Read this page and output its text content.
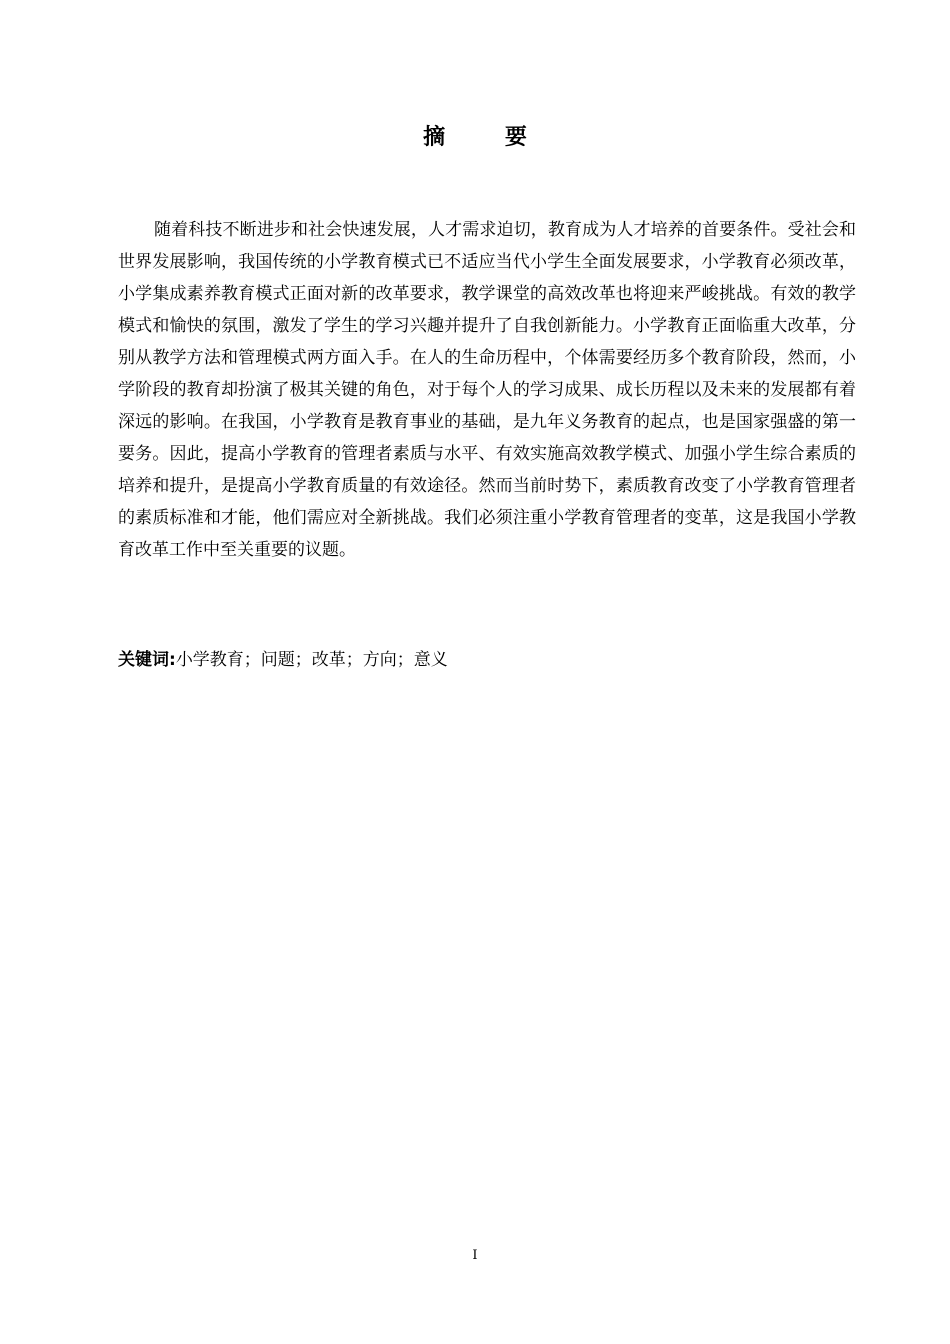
摘 要

随着科技不断进步和社会快速发展，人才需求迫切，教育成为人才培养的首要条件。受社会和世界发展影响，我国传统的小学教育模式已不适应当代小学生全面发展要求，小学教育必须改革，小学集成素养教育模式正面对新的改革要求，教学课堂的高效改革也将迎来严峻挑战。有效的教学模式和愉快的氛围，激发了学生的学习兴趣并提升了自我创新能力。小学教育正面临重大改革，分别从教学方法和管理模式两方面入手。在人的生命历程中，个体需要经历多个教育阶段，然而，小学阶段的教育却扮演了极其关键的角色，对于每个人的学习成果、成长历程以及未来的发展都有着深远的影响。在我国，小学教育是教育事业的基础，是九年义务教育的起点，也是国家强盛的第一要务。因此，提高小学教育的管理者素质与水平、有效实施高效教学模式、加强小学生综合素质的培养和提升，是提高小学教育质量的有效途径。然而当前时势下，素质教育改变了小学教育管理者的素质标准和才能，他们需应对全新挑战。我们必须注重小学教育管理者的变革，这是我国小学教育改革工作中至关重要的议题。

关键词:小学教育；问题；改革；方向；意义

I
